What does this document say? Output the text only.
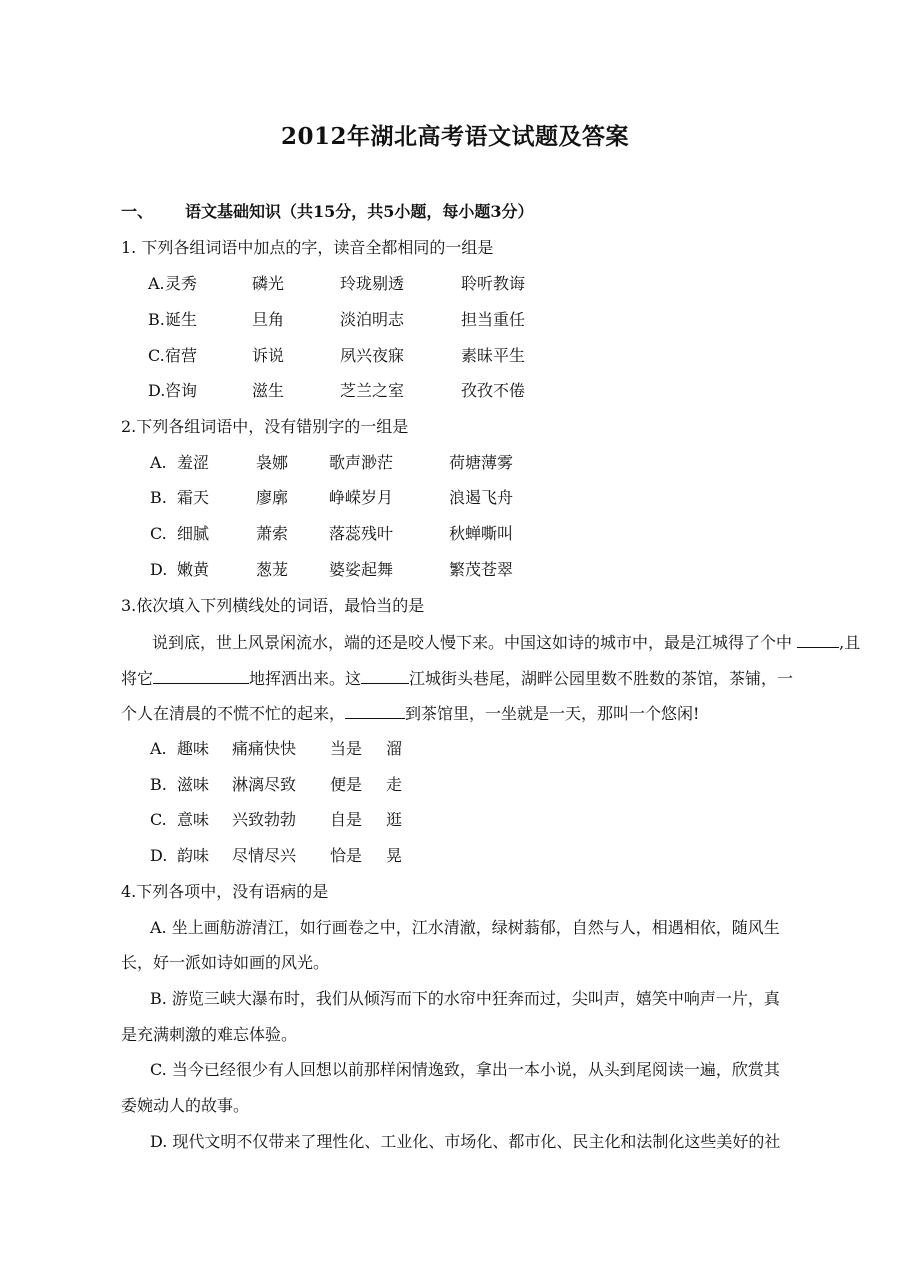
2012年湖北高考语文试题及答案
一、 语文基础知识（共15分，共5小题，每小题3分）
1. 下列各组词语中加点的字，读音全都相同的一组是
A. 灵秀	磷光	玲珑剔透	聆听教诲
B. 诞生	旦角	淡泊明志	担当重任
C. 宿营	诉说	夙兴夜寐	素昧平生
D. 咨询	滋生	芝兰之室	孜孜不倦
2.下列各组词语中，没有错别字的一组是
A. 羞涩	袅娜	歌声渺茫	荷塘薄雾
B. 霜天	廖廓	峥嵘岁月	浪遏飞舟
C. 细腻	萧索	落蕊残叶	秋蝉嘶叫
D. 嫩黄	葱茏	婆娑起舞	繁茂苍翠
3.依次填入下列横线处的词语，最恰当的是
说到底，世上风景闲流水，端的还是咬人慢下来。中国这如诗的城市中，最是江城得了个中	,且
将它	地挥洒出来。这	江城街头巷尾，湖畔公园里数不胜数的茶馆，茶铺，一
个人在清晨的不慌不忙的起来，	到茶馆里，一坐就是一天，那叫一个悠闲!
A. 趣味 痛痛快快 当是 溜
B. 滋味 淋漓尽致 便是 走
C. 意味 兴致勃勃 自是 逛
D. 韵味 尽情尽兴 恰是 晃
4.下列各项中，没有语病的是
A. 坐上画舫游清江，如行画卷之中，江水清澈，绿树蓊郁，自然与人，相遇相依，随风生
长，好一派如诗如画的风光。
B. 游览三峡大瀑布时，我们从倾泻而下的水帘中狂奔而过，尖叫声，嬉笑中响声一片，真
是充满刺激的难忘体验。
C. 当今已经很少有人回想以前那样闲情逸致，拿出一本小说，从头到尾阅读一遍，欣赏其
委婉动人的故事。
D. 现代文明不仅带来了理性化、工业化、市场化、都市化、民主化和法制化这些美好的社
